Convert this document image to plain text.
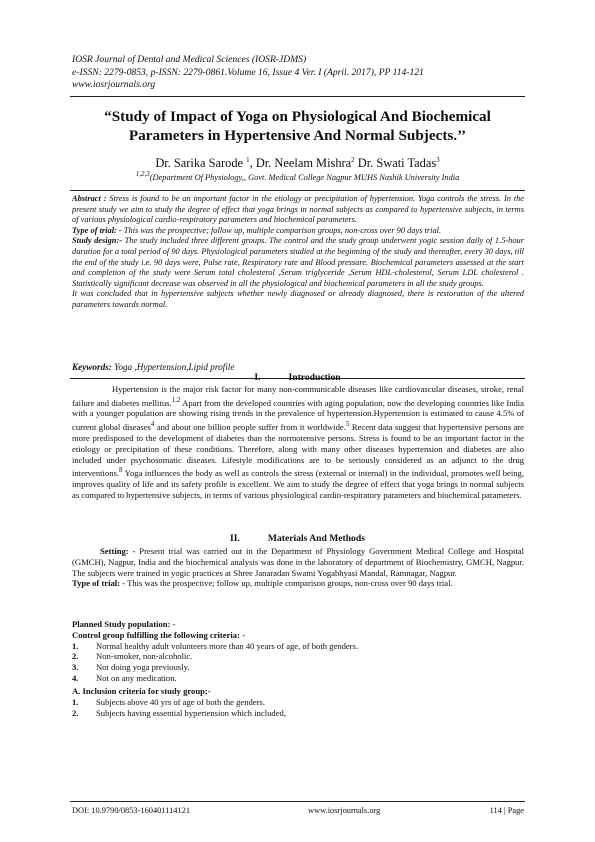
IOSR Journal of Dental and Medical Sciences (IOSR-JDMS)
e-ISSN: 2279-0853, p-ISSN: 2279-0861.Volume 16, Issue 4 Ver. I (April. 2017), PP 114-121
www.iosrjournals.org
“Study of Impact of Yoga on Physiological And Biochemical Parameters in Hypertensive And Normal Subjects.’’
Dr. Sarika Sarode $^1$, Dr. Neelam Mishra$^2$ Dr. Swati Tadas$^3$
$^{1,2,3}$(Department Of Physiology,, Govt. Medical College Nagpur MUHS Nashik University India

Abstract : Stress is found to be an important factor in the etiology or precipitation of hypertension. Yoga controls the stress. In the present study we aim to study the degree of effect that yoga brings in normal subjects as compared to hypertensive subjects, in terms of various physiological cardio-respiratory parameters and biochemical parameters.

Type of trial: - This was the prospective; follow up, multiple comparison groups, non-cross over 90 days trial.

Study design:- The study included three different groups. The control and the study group underwent yogic session daily of 1.5-hour duration for a total period of 90 days. Physiological parameters studied at the beginning of the study and thereafter, every 30 days, till the end of the study i.e. 90 days were, Pulse rate, Respiratory rate and Blood pressure. Biochemical parameters assessed at the start and completion of the study were Serum total cholesterol ,Serum triglyceride ,Serum HDL-cholesterol, Serum LDL cholesterol . Statistically significant decrease was observed in all the physiological and biochemical parameters in all the study groups.

It was concluded that in hypertensive subjects whether newly diagnosed or already diagnosed, there is restoration of the altered parameters towards normal.

Keywords: Yoga ,Hypertension,Lipid profile
I.	Introduction

Hypertension is the major risk factor for many non-communicable diseases like cardiovascular diseases, stroke, renal failure and diabetes mellitus.$^{1,2}$ Apart from the developed countries with aging population, now the developing countries like India with a younger population are showing rising trends in the prevalence of hypertension.Hypertension is estimated to cause 4.5% of current global diseases$^4$ and about one billion people suffer from it worldwide.$^5$ Recent data suggest that hypertensive persons are more predisposed to the development of diabetes than the normotensive persons. Stress is found to be an important factor in the etiology or precipitation of these conditions. Therefore, along with many other diseases hypertension and diabetes are also included under psychosomatic diseases. Lifestyle modifications are to be seriously considered as an adjunct to the drug interventions.$^8$ Yoga influences the body as well as controls the stress (external or internal) in the individual, promotes well being, improves quality of life and its safety profile is excellent. We aim to study the degree of effect that yoga brings in normal subjects as compared to hypertensive subjects, in terms of various physiological cardio-respiratory parameters and biochemical parameters.

II.	Materials And Methods

Setting: - Present trial was carried out in the Department of Physiology Government Medical College and Hospital (GMCH), Nagpur, India and the biochemical analysis was done in the laboratory of department of Biochemistry, GMCH, Nagpur. The subjects were trained in yogic practices at Shree Janaradan Swami Yogabhyasi Mandal, Ramnagar, Nagpur.

Type of trial: - This was the prospective; follow up, multiple comparison groups, non-cross over 90 days trial.

Planned Study population: -
Control group fulfilling the following criteria: -
1.	Normal healthy adult volunteers more than 40 years of age, of both genders.
2.	Non-smoker, non-alcoholic.
3.	Not doing yoga previously.
4.	Not on any medication.
A. Inclusion criteria for study group;-
1.	Subjects above 40 yrs of age of both the genders.
2.	Subjects having essential hypertension which included,
DOI: 10.9790/0853-160401114121	www.iosrjournals.org	114 | Page
